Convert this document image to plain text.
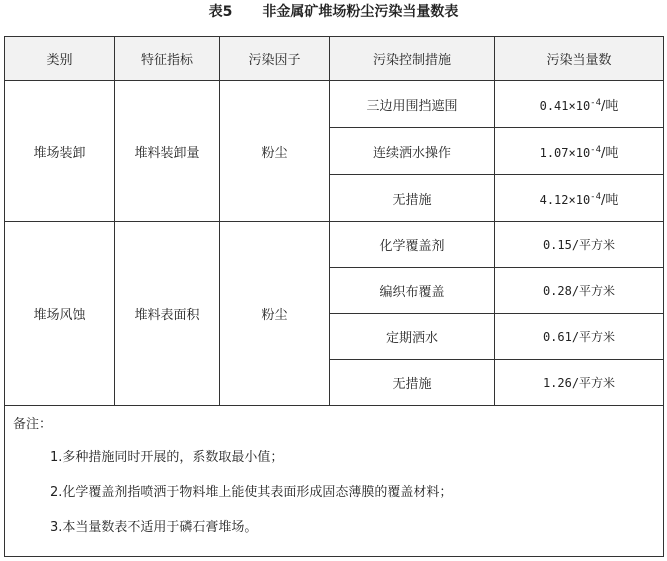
表5 非金属矿堆场粉尘污染当量数表
类别	特征指标	污染因子	污染控制措施	污染当量数
堆场装卸	堆料装卸量	粉尘	三边用围挡遮围	$0.41\times 10^{-4}/$吨
			连续洒水操作	$1.07\times 10^{-4}/$吨
			无措施	$4.12\times 10^{-4}/$吨
堆场风蚀	堆料表面积	粉尘	化学覆盖剂	0.15/平方米
			编织布覆盖	0.28/平方米
			定期洒水	0.61/平方米
			无措施	1.26/平方米

备注：
1.多种措施同时开展的，系数取最小值；
2.化学覆盖剂指喷洒于物料堆上能使其表面形成固态薄膜的覆盖材料；
3.本当量数表不适用于磷石膏堆场。				
